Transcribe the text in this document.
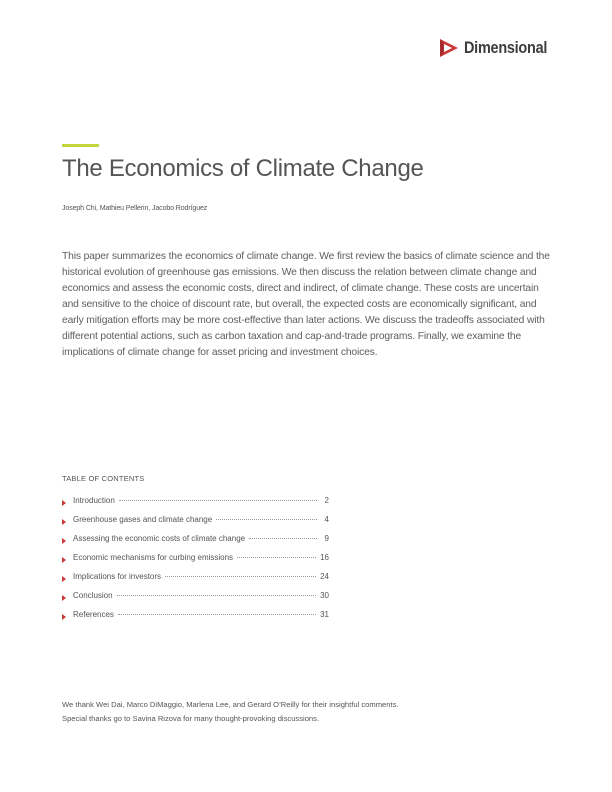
Dimensional
The Economics of Climate Change
Joseph Chi, Mathieu Pellerin, Jacobo Rodríguez

This paper summarizes the economics of climate change. We first review the basics of climate science and the historical evolution of greenhouse gas emissions. We then discuss the relation between climate change and economics and assess the economic costs, direct and indirect, of climate change. These costs are uncertain and sensitive to the choice of discount rate, but overall, the expected costs are economically significant, and early mitigation efforts may be more cost-effective than later actions. We discuss the tradeoffs associated with different potential actions, such as carbon taxation and cap-and-trade programs. Finally, we examine the implications of climate change for asset pricing and investment choices.

TABLE OF CONTENTS
Introduction	2
Greenhouse gases and climate change	4
Assessing the economic costs of climate change	9
Economic mechanisms for curbing emissions	16
Implications for investors	24
Conclusion	30
References	31

We thank Wei Dai, Marco DiMaggio, Marlena Lee, and Gerard O’Reilly for their insightful comments.

Special thanks go to Savina Rizova for many thought-provoking discussions.
